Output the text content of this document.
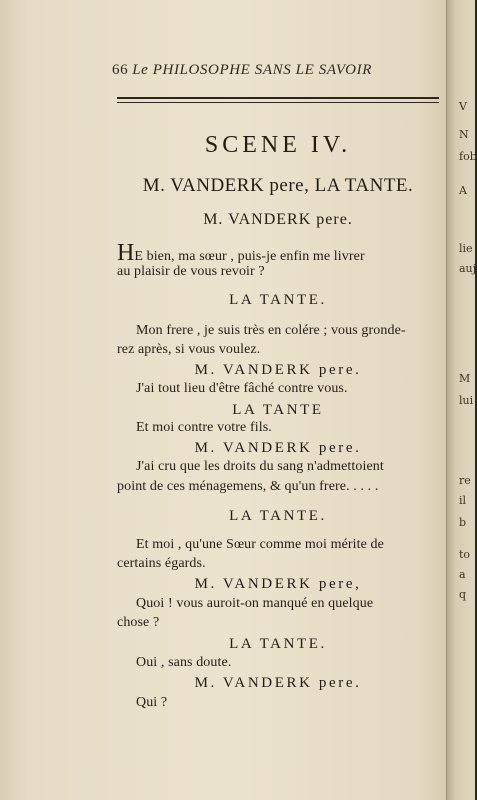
V
N
fob
A
lie
auj
M
lui
re
il
b
to
a
q
66 Le PHILOSOPHE SANS LE SAVOIR
SCENE IV.
M. VANDERK pere, LA TANTE.
M. VANDERK pere.
HE bien, ma sœur , puis-je enfin me livrer
au plaisir de vous revoir ?
LA TANTE.
Mon frere , je suis très en colére ; vous gronde-
rez après, si vous voulez.
M. VANDERK pere.
J'ai tout lieu d'être fâché contre vous.
LA TANTE
Et moi contre votre fils.
M. VANDERK pere.
J'ai cru que les droits du sang n'admettoient
point de ces ménagemens, & qu'un frere. . . . .
LA TANTE.
Et moi , qu'une Sœur comme moi mérite de
certains égards.
M. VANDERK pere,
Quoi ! vous auroit-on manqué en quelque
chose ?
LA TANTE.
Oui , sans doute.
M. VANDERK pere.
Qui ?
